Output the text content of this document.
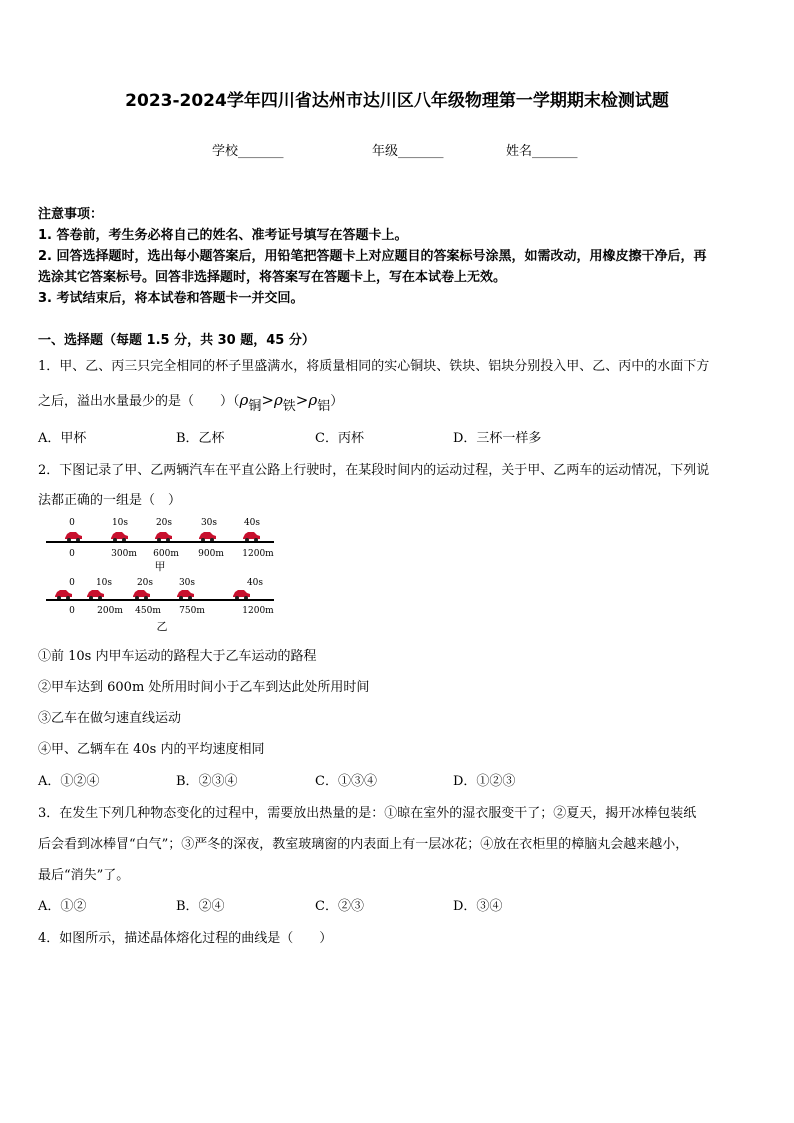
2023-2024学年四川省达州市达川区八年级物理第一学期期末检测试题
学校_______	年级_______	姓名_______
注意事项：
1. 答卷前，考生务必将自己的姓名、准考证号填写在答题卡上。
2. 回答选择题时，选出每小题答案后，用铅笔把答题卡上对应题目的答案标号涂黑，如需改动，用橡皮擦干净后，再
选涂其它答案标号。回答非选择题时，将答案写在答题卡上，写在本试卷上无效。
3. 考试结束后，将本试卷和答题卡一并交回。
一、选择题（每题 1.5 分，共 30 题，45 分）
1．甲、乙、丙三只完全相同的杯子里盛满水，将质量相同的实心铜块、铁块、铝块分别投入甲、乙、丙中的水面下方
之后，溢出水量最少的是（　　）（ρ铜>ρ铁>ρ铝）
A．甲杯	B．乙杯	C．丙杯	D．三杯一样多
2．下图记录了甲、乙两辆汽车在平直公路上行驶时，在某段时间内的运动过程，关于甲、乙两车的运动情况，下列说
法都正确的一组是（　）
0	10s	20s	30s	40s
0	300m 600m 900m 1200m
甲
0 10s	20s	30s	40s
0 200m 450m 750m	1200m
乙
①前 10s 内甲车运动的路程大于乙车运动的路程
②甲车达到 600m 处所用时间小于乙车到达此处所用时间
③乙车在做匀速直线运动
④甲、乙辆车在 40s 内的平均速度相同
A．①②④	B．②③④	C．①③④	D．①②③
3．在发生下列几种物态变化的过程中，需要放出热量的是：①晾在室外的湿衣服变干了；②夏天，揭开冰棒包装纸
后会看到冰棒冒“白气”；③严冬的深夜，教室玻璃窗的内表面上有一层冰花；④放在衣柜里的樟脑丸会越来越小，
最后“消失”了。
A．①②	B．②④	C．②③	D．③④
4．如图所示，描述晶体熔化过程的曲线是（　　）
